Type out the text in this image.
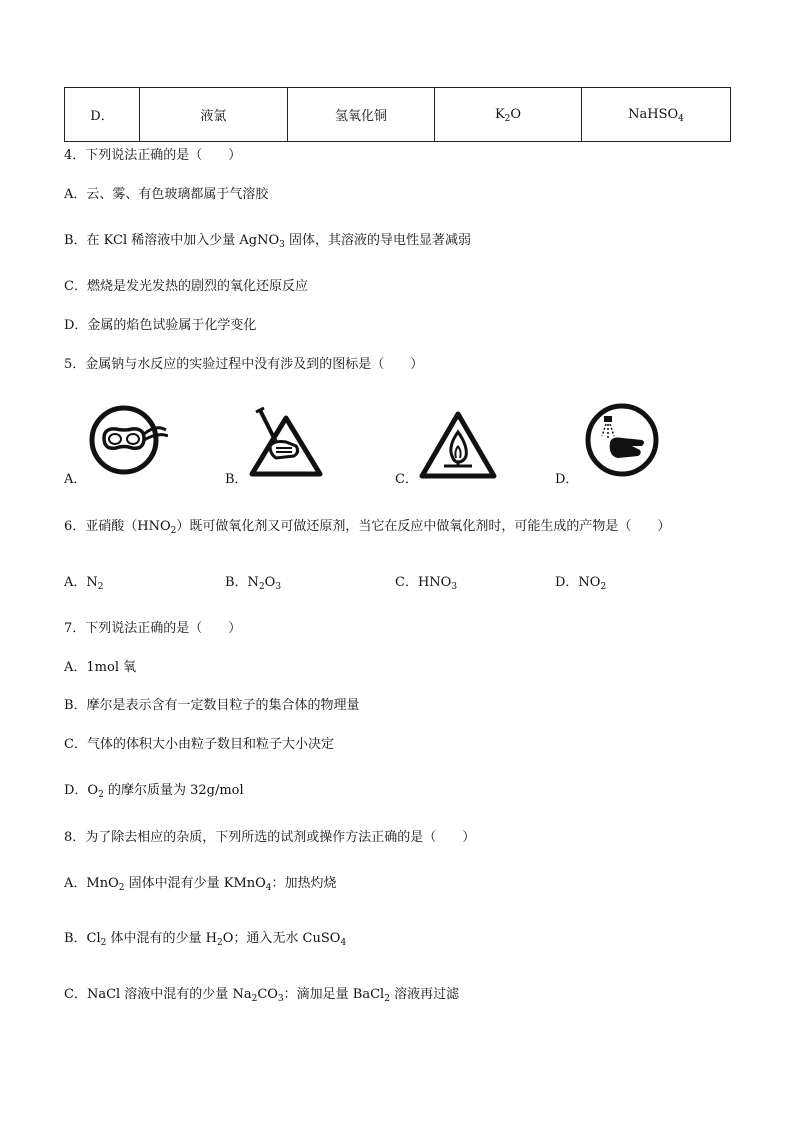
D．	液氯	氢氧化铜	$K_2O$	NaHSO$_4$
4．下列说法正确的是（　　）
A．云、雾、有色玻璃都属于气溶胶
B．在 KCl 稀溶液中加入少量 AgNO$_3$ 固体，其溶液的导电性显著减弱
C．燃烧是发光发热的剧烈的氧化还原反应
D．金属的焰色试验属于化学变化
5．金属钠与水反应的实验过程中没有涉及到的图标是（　　）
A．	B．	C．	D．
6．亚硝酸$(HNO_2)$既可做氧化剂又可做还原剂，当它在反应中做氧化剂时，可能生成的产物是（　　）
A．$N_2$	B．$N_2O_3$	C．$HNO_3$	D．$NO_2$
7．下列说法正确的是（　　）
A．1mol 氧
B．摩尔是表示含有一定数目粒子的集合体的物理量
C．气体的体积大小由粒子数目和粒子大小决定
D．$O_2$ 的摩尔质量为 32g/mol
8．为了除去相应的杂质，下列所选的试剂或操作方法正确的是（　　）
A．MnO$_2$ 固体中混有少量 KMnO$_4$：加热灼烧
B．$Cl_2$ 体中混有的少量 $H_2O$；通入无水 CuSO$_4$
C．NaCl 溶液中混有的少量 $Na_2CO_3$：滴加足量 BaCl$_2$ 溶液再过滤
